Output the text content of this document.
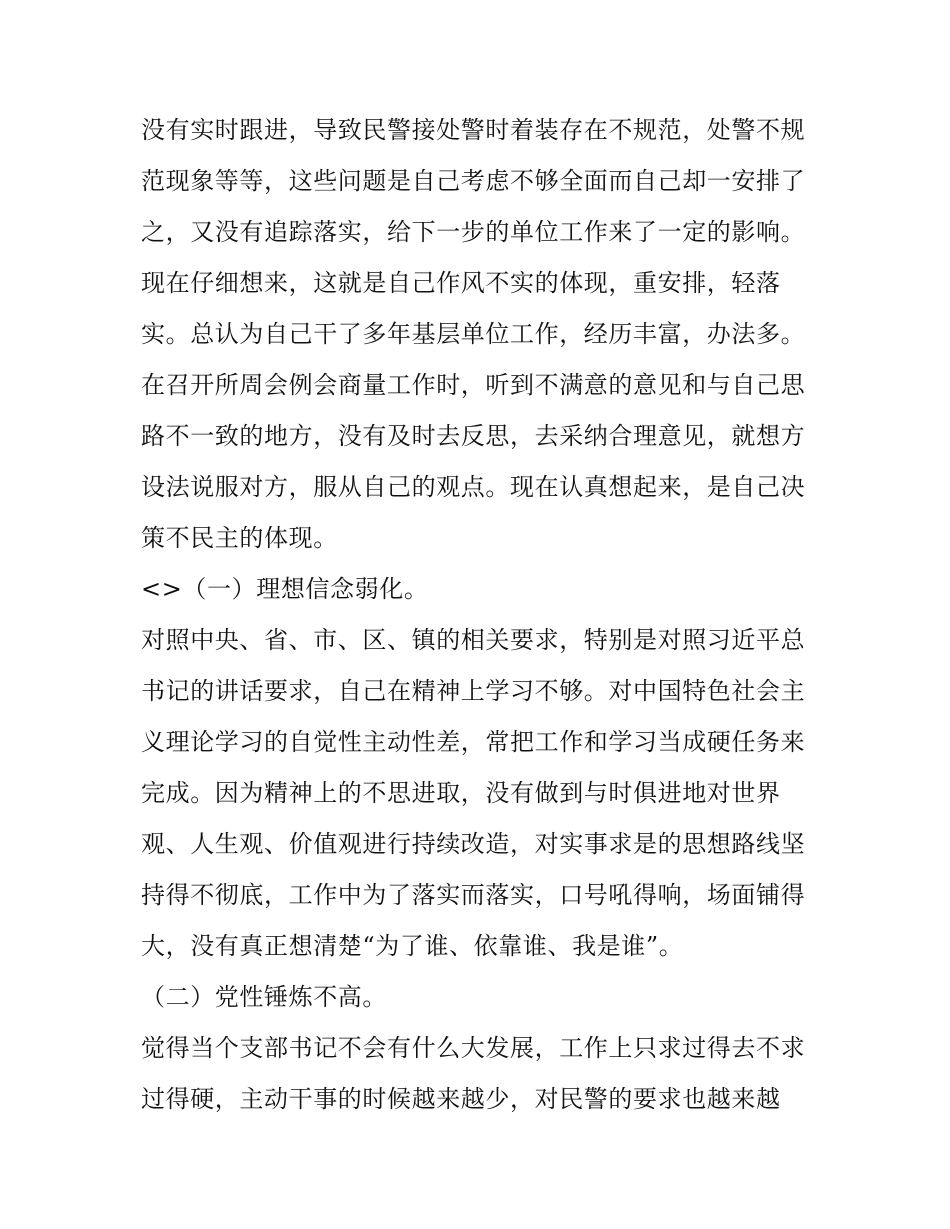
没有实时跟进，导致民警接处警时着装存在不规范，处警不规

范现象等等，这些问题是自己考虑不够全面而自己却一安排了

之，又没有追踪落实，给下一步的单位工作来了一定的影响。

现在仔细想来，这就是自己作风不实的体现，重安排，轻落

实。总认为自己干了多年基层单位工作，经历丰富，办法多。

在召开所周会例会商量工作时，听到不满意的意见和与自己思

路不一致的地方，没有及时去反思，去采纳合理意见，就想方

设法说服对方，服从自己的观点。现在认真想起来，是自己决

策不民主的体现。

<>（一）理想信念弱化。

对照中央、省、市、区、镇的相关要求，特别是对照习近平总

书记的讲话要求，自己在精神上学习不够。对中国特色社会主

义理论学习的自觉性主动性差，常把工作和学习当成硬任务来

完成。因为精神上的不思进取，没有做到与时俱进地对世界

观、人生观、价值观进行持续改造，对实事求是的思想路线坚

持得不彻底，工作中为了落实而落实，口号吼得响，场面铺得

大，没有真正想清楚“为了谁、依靠谁、我是谁”。

（二）党性锤炼不高。

觉得当个支部书记不会有什么大发展，工作上只求过得去不求

过得硬，主动干事的时候越来越少，对民警的要求也越来越
